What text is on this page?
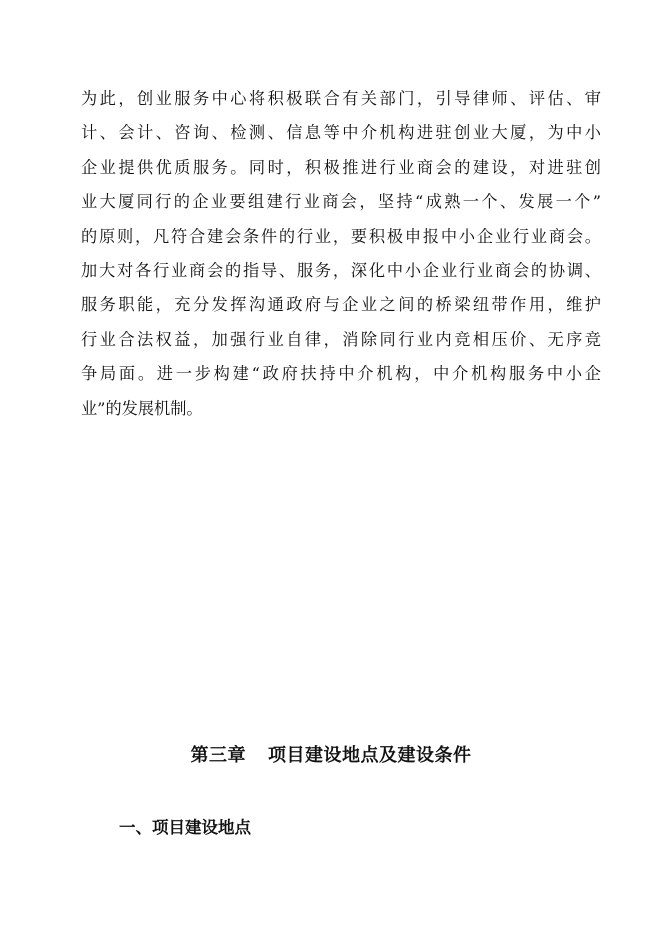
为此，创业服务中心将积极联合有关部门，引导律师、评估、审
计、会计、咨询、检测、信息等中介机构进驻创业大厦，为中小
企业提供优质服务。同时，积极推进行业商会的建设，对进驻创
业大厦同行的企业要组建行业商会，坚持“成熟一个、发展一个”
的原则，凡符合建会条件的行业，要积极申报中小企业行业商会。
加大对各行业商会的指导、服务，深化中小企业行业商会的协调、
服务职能，充分发挥沟通政府与企业之间的桥梁纽带作用，维护
行业合法权益，加强行业自律，消除同行业内竞相压价、无序竞
争局面。进一步构建“政府扶持中介机构，中介机构服务中小企
业”的发展机制。
第三章 项目建设地点及建设条件
一、项目建设地点
